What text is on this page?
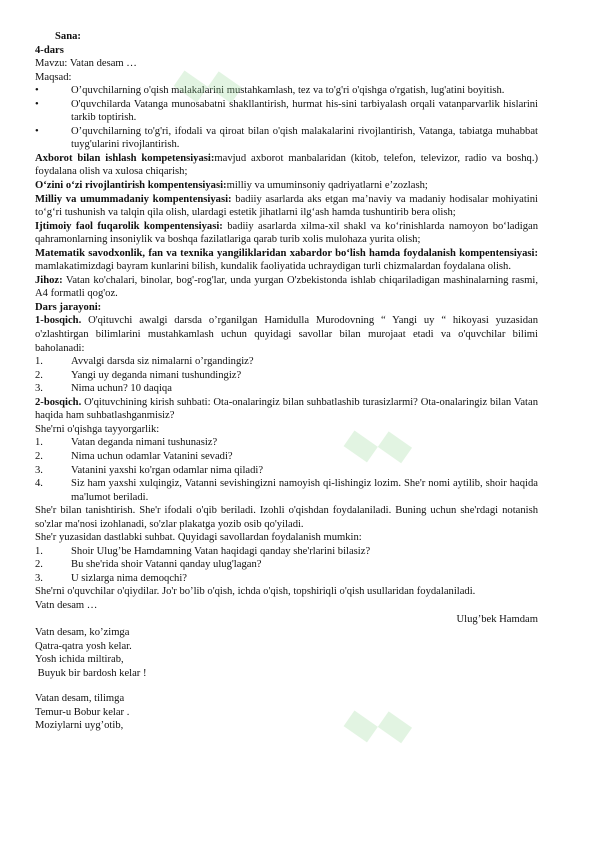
Sana:

4-dars

Mavzu: Vatan desam …

Maqsad:

•	O’quvchilarning o'qish malakalarini mustahkamlash, tez va to'g'ri o'qishga o'rgatish, lug'atini boyitish.
•	O'quvchilarda Vatanga munosabatni shakllantirish, hurmat his-sini tarbiyalash orqali vatanparvarlik hislarini tarkib toptirish.
•	O’quvchilarning to'g'ri, ifodali va qiroat bilan o'qish malakalarini rivojlantirish, Vatanga, tabiatga muhabbat tuyg'ularini rivojlantirish.

Axborot bilan ishlash kompetensiyasi:mavjud axborot manbalaridan (kitob, telefon, televizor, radio va boshq.) foydalana olish va xulosa chiqarish;

O‘zini o‘zi rivojlantirish kompentensiyasi:milliy va umuminsoniy qadriyatlarni e’zozlash;

Milliy va umummadaniy kompentensiyasi: badiiy asarlarda aks etgan ma’naviy va madaniy hodisalar mohiyatini to‘g‘ri tushunish va talqin qila olish, ulardagi estetik jihatlarni ilg‘ash hamda tushuntirib bera olish;

Ijtimoiy faol fuqarolik kompentensiyasi: badiiy asarlarda xilma-xil shakl va ko‘rinishlarda namoyon bo‘ladigan qahramonlarning insoniylik va boshqa fazilatlariga qarab turib xolis mulohaza yurita olish;

Matematik savodxonlik, fan va texnika yangiliklaridan xabardor bo‘lish hamda foydalanish kompentensiyasi: mamlakatimizdagi bayram kunlarini bilish, kundalik faoliyatida uchraydigan turli chizmalardan foydalana olish.

Jihoz: Vatan ko'chalari, binolar, bog'-rog'lar, unda yurgan O'zbekistonda ishlab chiqariladigan mashinalarning rasmi, A4 formatli qog'oz.

Dars jarayoni:

1-bosqich. O'qituvchi awalgi darsda o’rganilgan Hamidulla Murodovning “ Yangi uy “ hikoyasi yuzasidan o'zlashtirgan bilimlarini mustahkamlash uchun quyidagi savollar bilan murojaat etadi va o'quvchilar bilimi baholanadi:

1.	Avvalgi darsda siz nimalarni o’rgandingiz?
2.	Yangi uy deganda nimani tushundingiz?
3.	Nima uchun? 10 daqiqa

2-bosqich. O'qituvchining kirish suhbati: Ota-onalaringiz bilan suhbatlashib turasizlarmi? Ota-onalaringiz bilan Vatan haqida ham suhbatlashganmisiz?

She'rni o'qishga tayyorgarlik:

1.	Vatan deganda nimani tushunasiz?
2.	Nima uchun odamlar Vatanini sevadi?
3.	Vatanini yaxshi ko'rgan odamlar nima qiladi?
4.	Siz ham yaxshi xulqingiz, Vatanni sevishingizni namoyish qi-lishingiz lozim. She'r nomi aytilib, shoir haqida ma'lumot beriladi.

She'r bilan tanishtirish. She'r ifodali o'qib beriladi. Izohli o'qishdan foydalaniladi. Buning uchun she'rdagi notanish so'zlar ma'nosi izohlanadi, so'zlar plakatga yozib osib qo'yiladi.

She'r yuzasidan dastlabki suhbat. Quyidagi savollardan foydalanish mumkin:

1.	Shoir Ulug’be Hamdamning Vatan haqidagi qanday she'rlarini bilasiz?
2.	Bu she'rida shoir Vatanni qanday ulug'lagan?
3.	U sizlarga nima demoqchi?

She'rni o'quvchilar o'qiydilar. Jo'r bo’lib o'qish, ichda o'qish, topshiriqli o'qish usullaridan foydalaniladi.

Vatn desam …

Ulug’bek Hamdam

Vatn desam, ko’zimga

Qatra-qatra yosh kelar.

Yosh ichida miltirab,

Buyuk bir bardosh kelar !

Vatan desam, tilimga

Temur-u Bobur kelar .

Moziylarni uyg’otib,

▚
▚
▚
